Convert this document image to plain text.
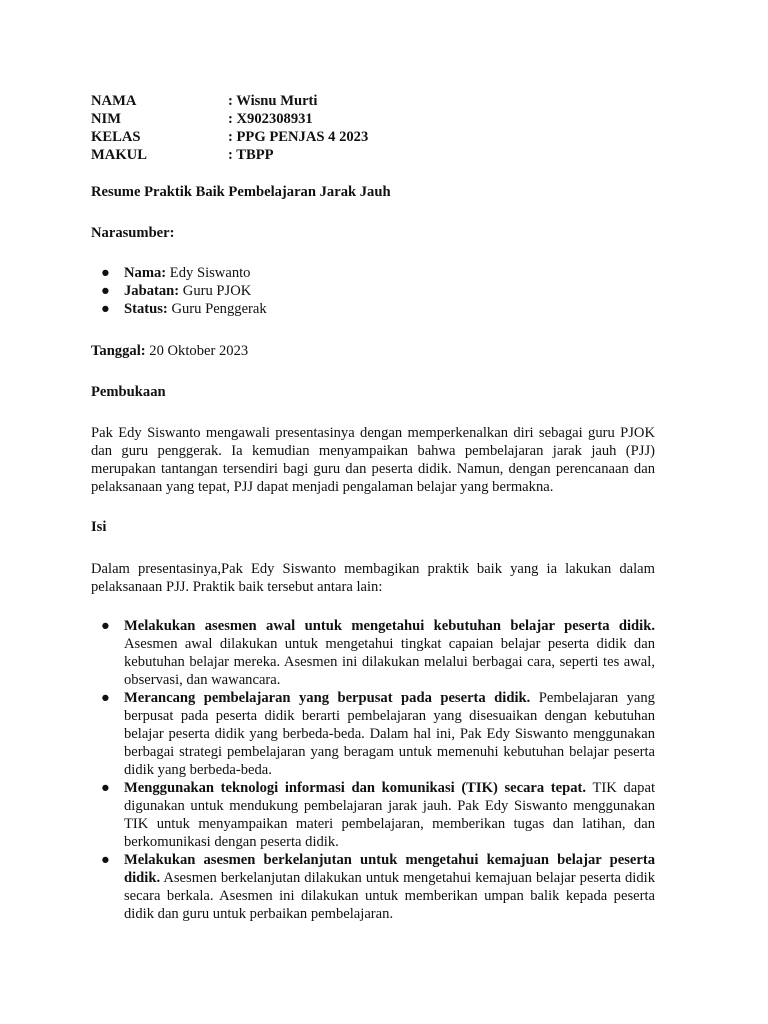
NAMA	: Wisnu Murti
NIM	: X902308931
KELAS	: PPG PENJAS 4 2023
MAKUL	: TBPP
Resume Praktik Baik Pembelajaran Jarak Jauh
Narasumber:
● Nama: Edy Siswanto
● Jabatan: Guru PJOK
● Status: Guru Penggerak
Tanggal: 20 Oktober 2023
Pembukaan
Pak Edy Siswanto mengawali presentasinya dengan memperkenalkan diri sebagai guru PJOK dan guru penggerak. Ia kemudian menyampaikan bahwa pembelajaran jarak jauh (PJJ) merupakan tantangan tersendiri bagi guru dan peserta didik. Namun, dengan perencanaan dan pelaksanaan yang tepat, PJJ dapat menjadi pengalaman belajar yang bermakna.
Isi
Dalam presentasinya,Pak Edy Siswanto membagikan praktik baik yang ia lakukan dalam pelaksanaan PJJ. Praktik baik tersebut antara lain:
● Melakukan asesmen awal untuk mengetahui kebutuhan belajar peserta didik. Asesmen awal dilakukan untuk mengetahui tingkat capaian belajar peserta didik dan kebutuhan belajar mereka. Asesmen ini dilakukan melalui berbagai cara, seperti tes awal, observasi, dan wawancara.
● Merancang pembelajaran yang berpusat pada peserta didik. Pembelajaran yang berpusat pada peserta didik berarti pembelajaran yang disesuaikan dengan kebutuhan belajar peserta didik yang berbeda-beda. Dalam hal ini, Pak Edy Siswanto menggunakan berbagai strategi pembelajaran yang beragam untuk memenuhi kebutuhan belajar peserta didik yang berbeda-beda.
● Menggunakan teknologi informasi dan komunikasi (TIK) secara tepat. TIK dapat digunakan untuk mendukung pembelajaran jarak jauh. Pak Edy Siswanto menggunakan TIK untuk menyampaikan materi pembelajaran, memberikan tugas dan latihan, dan berkomunikasi dengan peserta didik.
● Melakukan asesmen berkelanjutan untuk mengetahui kemajuan belajar peserta didik. Asesmen berkelanjutan dilakukan untuk mengetahui kemajuan belajar peserta didik secara berkala. Asesmen ini dilakukan untuk memberikan umpan balik kepada peserta didik dan guru untuk perbaikan pembelajaran.
